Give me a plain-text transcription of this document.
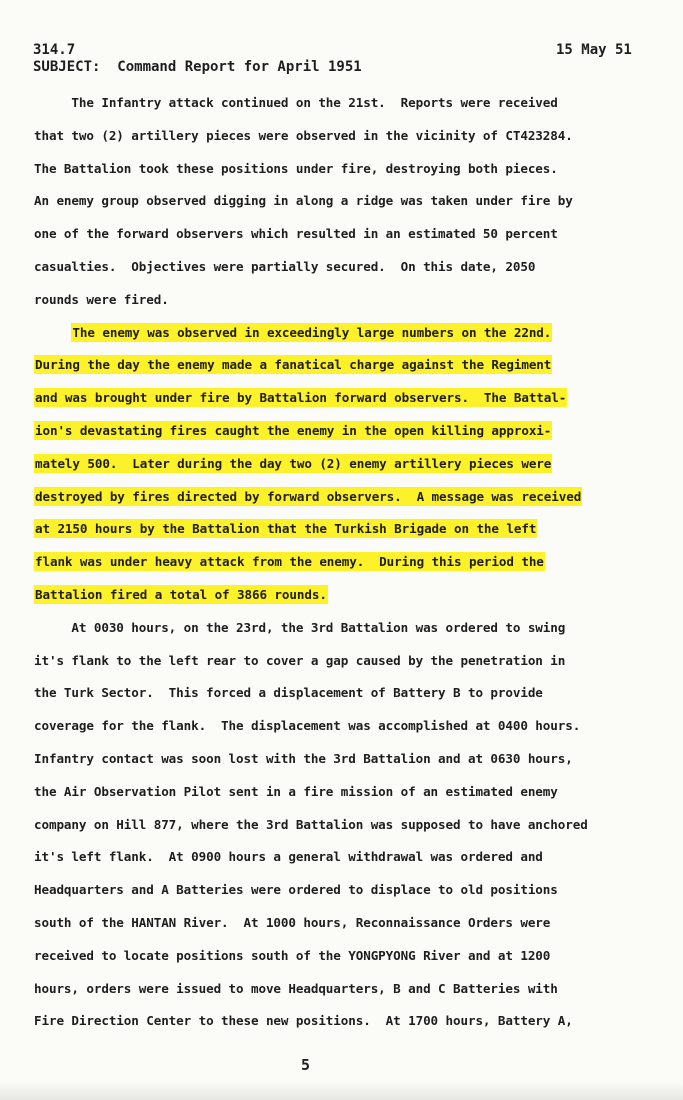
314.7	15 May 51
SUBJECT:  Command Report for April 1951
The Infantry attack continued on the 21st.  Reports were received
that two (2) artillery pieces were observed in the vicinity of CT423284.
The Battalion took these positions under fire, destroying both pieces.
An enemy group observed digging in along a ridge was taken under fire by
one of the forward observers which resulted in an estimated 50 percent
casualties.  Objectives were partially secured.  On this date, 2050
rounds were fired.
The enemy was observed in exceedingly large numbers on the 22nd.
During the day the enemy made a fanatical charge against the Regiment
and was brought under fire by Battalion forward observers.  The Battal-
ion's devastating fires caught the enemy in the open killing approxi-
mately 500.  Later during the day two (2) enemy artillery pieces were
destroyed by fires directed by forward observers.  A message was received
at 2150 hours by the Battalion that the Turkish Brigade on the left
flank was under heavy attack from the enemy.  During this period the
Battalion fired a total of 3866 rounds.
At 0030 hours, on the 23rd, the 3rd Battalion was ordered to swing
it's flank to the left rear to cover a gap caused by the penetration in
the Turk Sector.  This forced a displacement of Battery B to provide
coverage for the flank.  The displacement was accomplished at 0400 hours.
Infantry contact was soon lost with the 3rd Battalion and at 0630 hours,
the Air Observation Pilot sent in a fire mission of an estimated enemy
company on Hill 877, where the 3rd Battalion was supposed to have anchored
it's left flank.  At 0900 hours a general withdrawal was ordered and
Headquarters and A Batteries were ordered to displace to old positions
south of the HANTAN River.  At 1000 hours, Reconnaissance Orders were
received to locate positions south of the YONGPYONG River and at 1200
hours, orders were issued to move Headquarters, B and C Batteries with
Fire Direction Center to these new positions.  At 1700 hours, Battery A,
5
